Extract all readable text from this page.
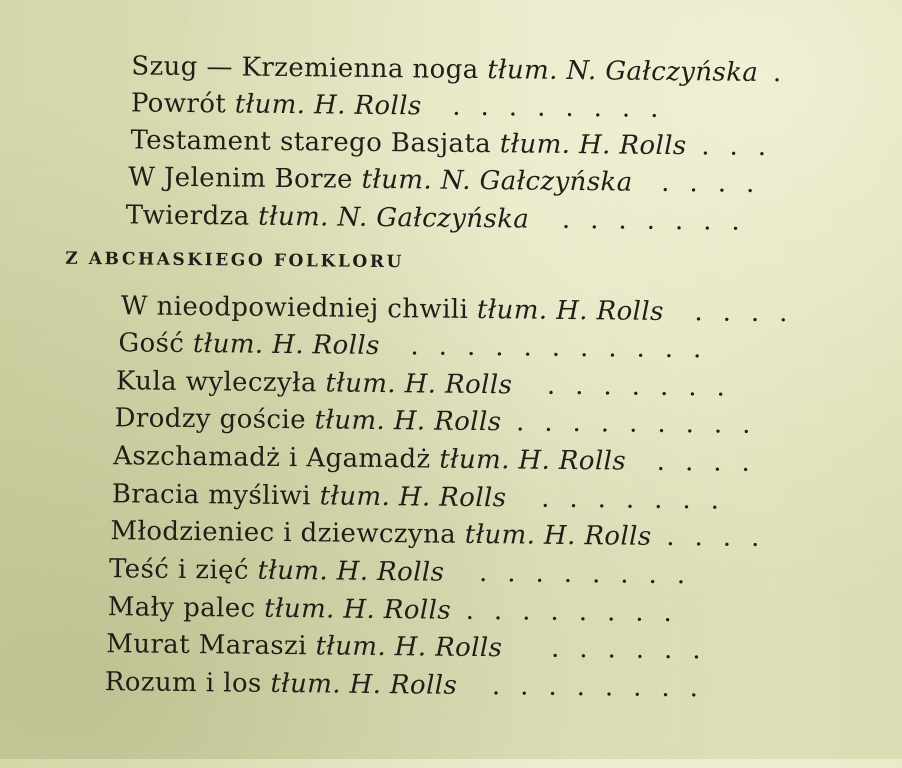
Szug — Krzemienna noga tłum. N. Gałczyńska .
Powrót tłum. H. Rolls ........
Testament starego Basjata tłum. H. Rolls ...
W Jelenim Borze tłum. N. Gałczyńska ....
Twierdza tłum. N. Gałczyńska .......
Z ABCHASKIEGO FOLKLORU
W nieodpowiedniej chwili tłum. H. Rolls ....
Gość tłum. H. Rolls ...........
Kula wyleczyła tłum. H. Rolls .......
Drodzy goście tłum. H. Rolls .........
Aszchamadż i Agamadż tłum. H. Rolls ....
Bracia myśliwi tłum. H. Rolls .......
Młodzieniec i dziewczyna tłum. H. Rolls ....
Teść i zięć tłum. H. Rolls ........
Mały palec tłum. H. Rolls ........
Murat Maraszi tłum. H. Rolls ......
Rozum i los tłum. H. Rolls ........
